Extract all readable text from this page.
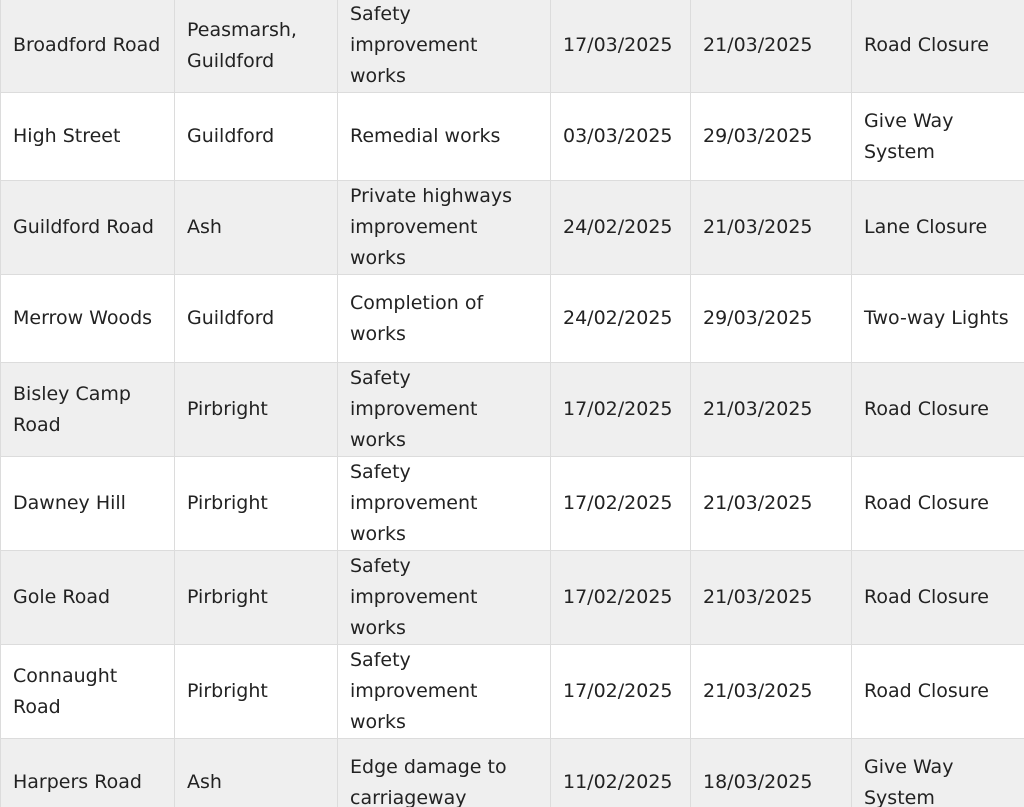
Broadford Road	Peasmarsh, Guildford	Safety improvement works	17/03/2025	21/03/2025	Road Closure
High Street	Guildford	Remedial works	03/03/2025	29/03/2025	Give Way System
Guildford Road	Ash	Private highways improvement works	24/02/2025	21/03/2025	Lane Closure
Merrow Woods	Guildford	Completion of works	24/02/2025	29/03/2025	Two-way Lights
Bisley Camp Road	Pirbright	Safety improvement works	17/02/2025	21/03/2025	Road Closure
Dawney Hill	Pirbright	Safety improvement works	17/02/2025	21/03/2025	Road Closure
Gole Road	Pirbright	Safety improvement works	17/02/2025	21/03/2025	Road Closure
Connaught Road	Pirbright	Safety improvement works	17/02/2025	21/03/2025	Road Closure
Harpers Road	Ash	Edge damage to carriageway	11/02/2025	18/03/2025	Give Way System
